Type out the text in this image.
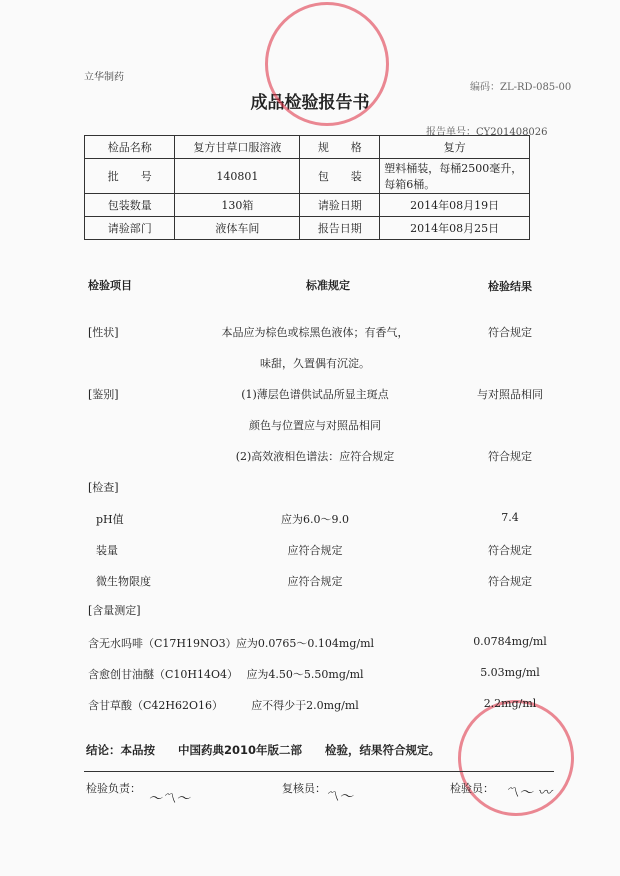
立华制药
编码：ZL-RD-085-00
成品检验报告书
报告单号：CY201408026
检品名称	复方甘草口服溶液	规　　格	复方
批　　号	140801	包　　装	塑料桶装，每桶2500毫升，每箱6桶。
包装数量	130箱	请验日期	2014年08月19日
请验部门	液体车间	报告日期	2014年08月25日
检验项目	标准规定	检验结果
[性状]	本品应为棕色或棕黑色液体；有香气，	符合规定
味甜，久置偶有沉淀。
[鉴别]	(1)薄层色谱供试品所显主斑点	与对照品相同
颜色与位置应与对照品相同
(2)高效液相色谱法：应符合规定	符合规定
[检查]
pH值	应为6.0～9.0	7.4
装量	应符合规定	符合规定
微生物限度	应符合规定	符合规定
[含量测定]
含无水吗啡（C17H19NO3） 应为0.0765～0.104mg/ml	0.0784mg/ml
含愈创甘油醚（C10H14O4） 应为4.50～5.50mg/ml	5.03mg/ml
含甘草酸（C42H62O16）	应不得少于2.0mg/ml	2.2mg/ml
结论：本品按　　中国药典2010年版二部　　检验，结果符合规定。
检验负责：	复核员：	检验员：
〜〽〜	〽〜	〽〜 〰
